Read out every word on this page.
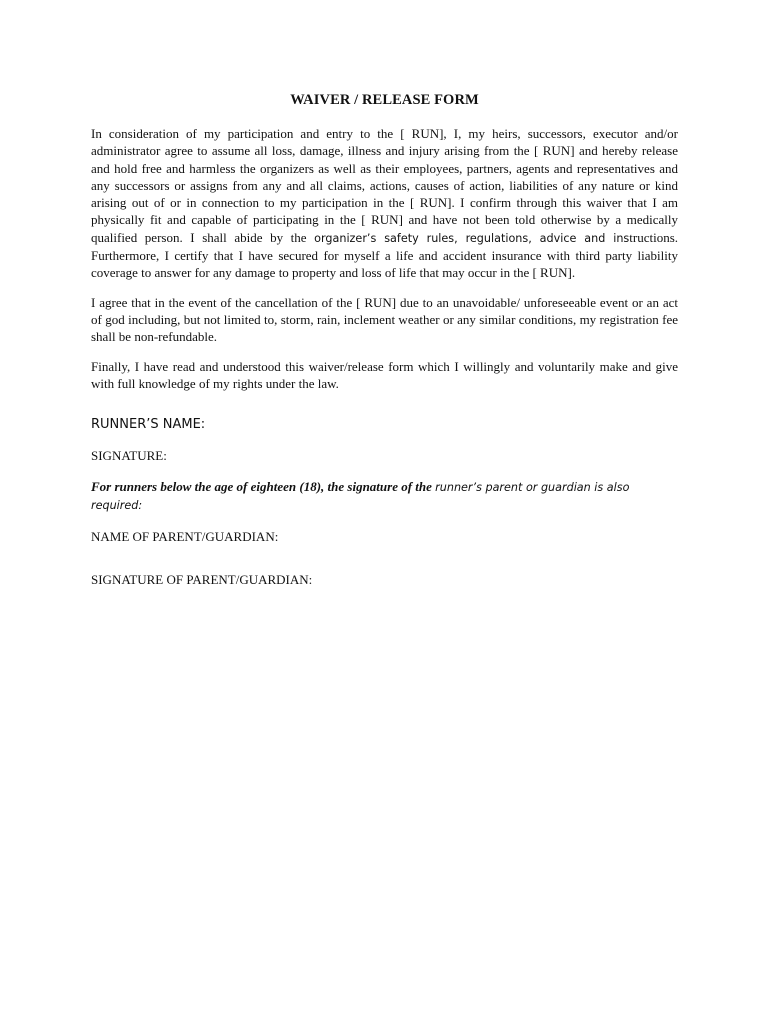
WAIVER / RELEASE FORM

In consideration of my participation and entry to the [ RUN], I, my heirs, successors, executor and/or administrator agree to assume all loss, damage, illness and injury arising from the [ RUN] and hereby release and hold free and harmless the organizers as well as their employees, partners, agents and representatives and any successors or assigns from any and all claims, actions, causes of action, liabilities of any nature or kind arising out of or in connection to my participation in the [ RUN]. I confirm through this waiver that I am physically fit and capable of participating in the [ RUN] and have not been told otherwise by a medically qualified person. I shall abide by the organizer’s safety rules, regulations, advice and instructions. Furthermore, I certify that I have secured for myself a life and accident insurance with third party liability coverage to answer for any damage to property and loss of life that may occur in the [ RUN].

I agree that in the event of the cancellation of the [ RUN] due to an unavoidable/ unforeseeable event or an act of god including, but not limited to, storm, rain, inclement weather or any similar conditions, my registration fee shall be non-refundable.

Finally, I have read and understood this waiver/release form which I willingly and voluntarily make and give with full knowledge of my rights under the law.

RUNNER’S NAME:

SIGNATURE:

For runners below the age of eighteen (18), the signature of the runner’s parent or guardian is also required:

NAME OF PARENT/GUARDIAN:

SIGNATURE OF PARENT/GUARDIAN:
